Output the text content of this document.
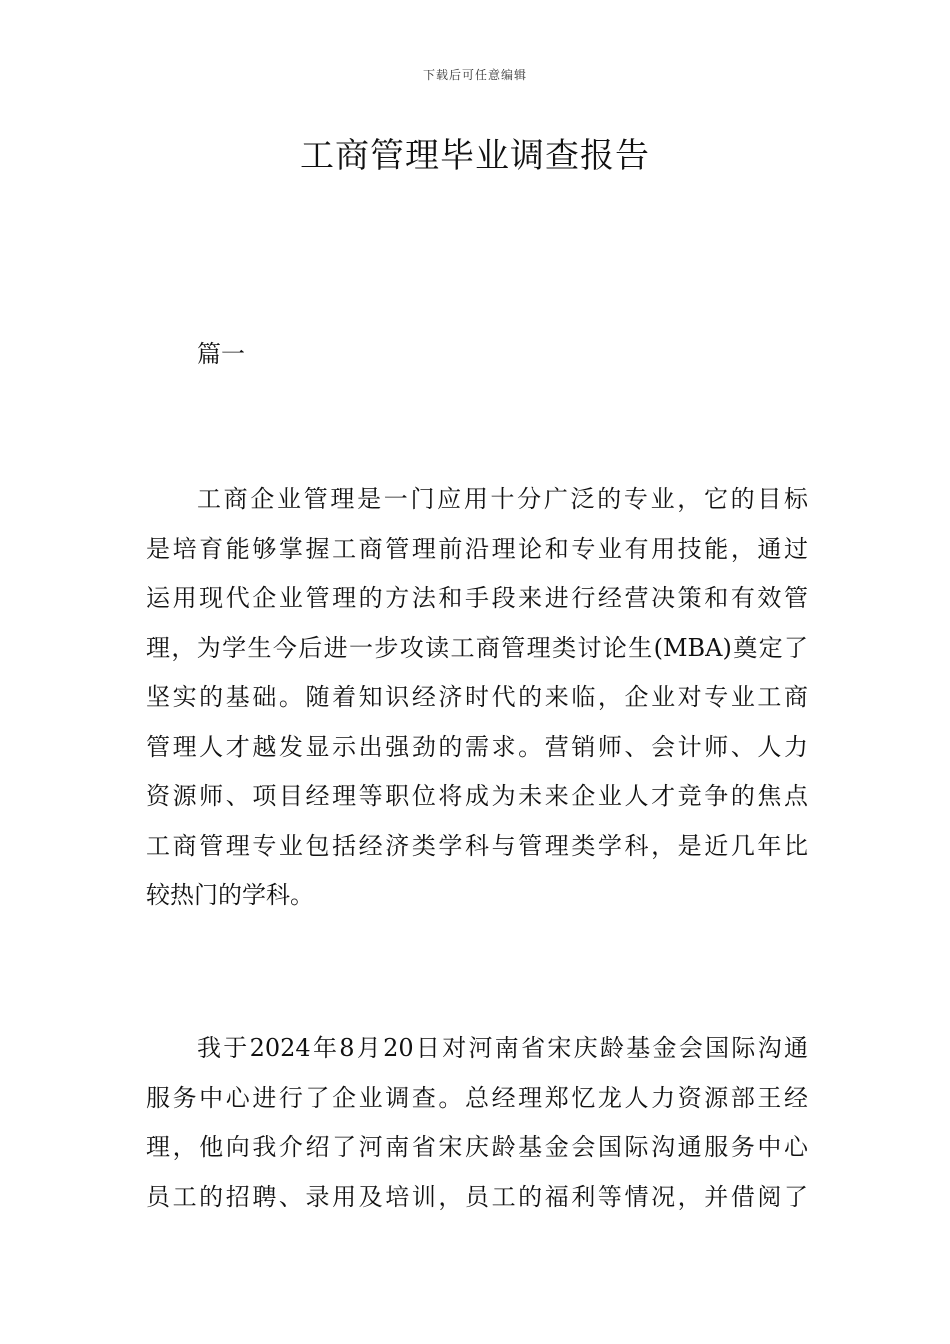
下载后可任意编辑
工商管理毕业调查报告

篇一

工商企业管理是一门应用十分广泛的专业，它的目标
是培育能够掌握工商管理前沿理论和专业有用技能，通过
运用现代企业管理的方法和手段来进行经营决策和有效管
理，为学生今后进一步攻读工商管理类讨论生(MBA)奠定了
坚实的基础。随着知识经济时代的来临，企业对专业工商
管理人才越发显示出强劲的需求。营销师、会计师、人力
资源师、项目经理等职位将成为未来企业人才竞争的焦点
工商管理专业包括经济类学科与管理类学科，是近几年比
较热门的学科。
我于2024年8月20日对河南省宋庆龄基金会国际沟通
服务中心进行了企业调查。总经理郑忆龙人力资源部王经
理，他向我介绍了河南省宋庆龄基金会国际沟通服务中心
员工的招聘、录用及培训，员工的福利等情况，并借阅了
